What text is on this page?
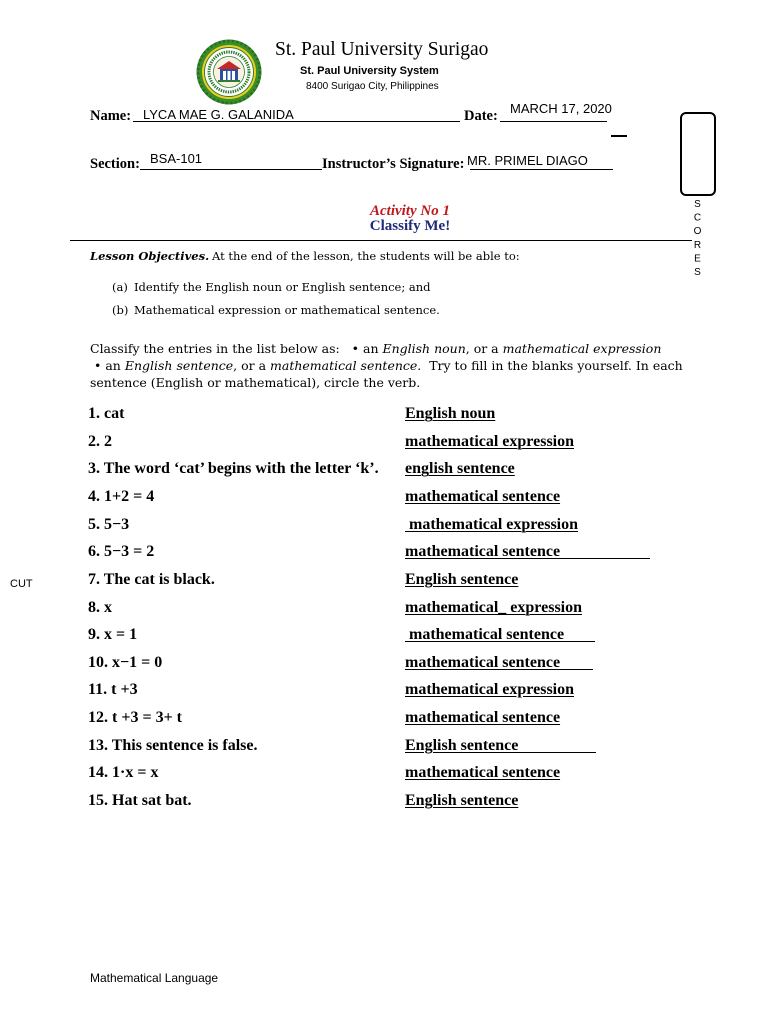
St. Paul University Surigao
St. Paul University System
8400 Surigao City, Philippines
Name: LYCA MAE G. GALANIDA	Date: MARCH 17, 2020
Section: BSA-101	Instructor’s Signature: MR. PRIMEL DIAGO
SCORES
Activity No 1
Classify Me!
Lesson Objectives. At the end of the lesson, the students will be able to:
(a) Identify the English noun or English sentence; and
(b) Mathematical expression or mathematical sentence.
Classify the entries in the list below as:   • an English noun, or a mathematical expression
• an English sentence, or a mathematical sentence.  Try to fill in the blanks yourself. In each
sentence (English or mathematical), circle the verb.
1. cat	English noun
2. 2	mathematical expression
3. The word ‘cat’ begins with the letter ‘k’. english sentence
4. 1+2 = 4	mathematical sentence
5. 5−3	mathematical expression
6. 5−3 = 2	mathematical sentence
7. The cat is black.	English sentence
8. x	mathematical_ expression
9. x = 1	mathematical sentence
10. x−1 = 0	mathematical sentence
11. t +3	mathematical expression
12. t +3 = 3+ t	mathematical sentence
13. This sentence is false.	English sentence
14. 1·x = x	mathematical sentence
15. Hat sat bat.	English sentence
CUT
Mathematical Language
